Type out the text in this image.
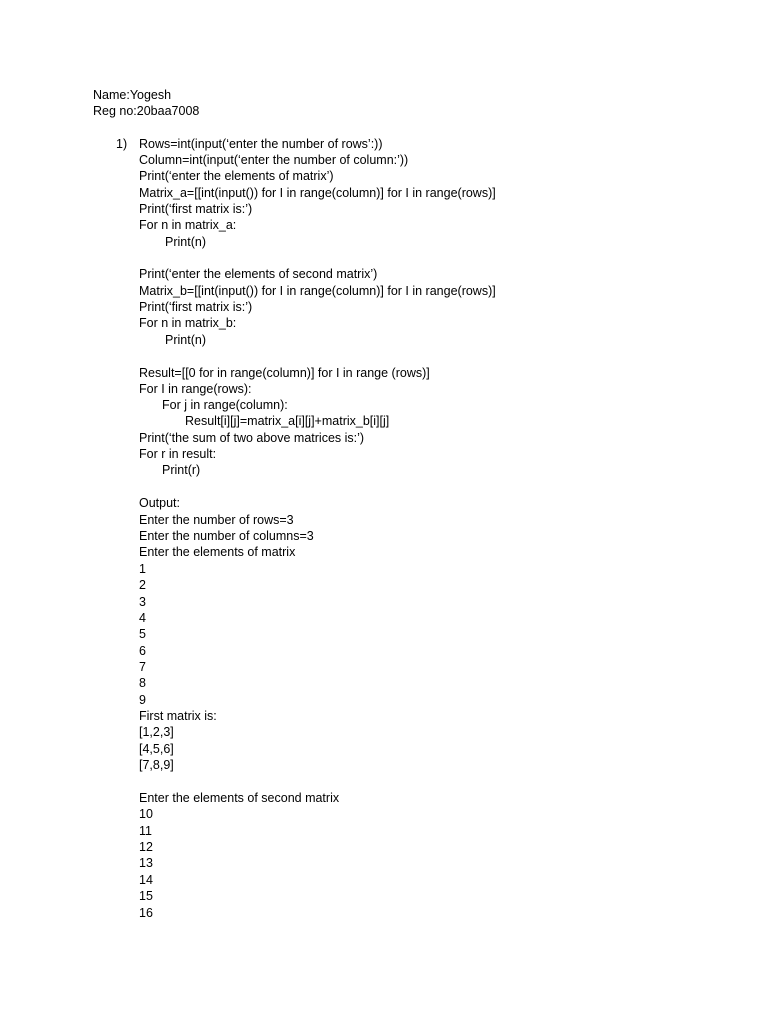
Name:Yogesh
Reg no:20baa7008
1) Rows=int(input(‘enter the number of rows’:))
Column=int(input(‘enter the number of column:’))
Print(‘enter the elements of matrix’)
Matrix_a=[[int(input()) for I in range(column)] for I in range(rows)]
Print(‘first matrix is:’)
For n in matrix_a:
Print(n)
Print(‘enter the elements of second matrix’)
Matrix_b=[[int(input()) for I in range(column)] for I in range(rows)]
Print(‘first matrix is:’)
For n in matrix_b:
Print(n)
Result=[[0 for in range(column)] for I in range (rows)]
For I in range(rows):
For j in range(column):
Result[i][j]=matrix_a[i][j]+matrix_b[i][j]
Print(‘the sum of two above matrices is:’)
For r in result:
Print(r)
Output:
Enter the number of rows=3
Enter the number of columns=3
Enter the elements of matrix
1
2
3
4
5
6
7
8
9
First matrix is:
[1,2,3]
[4,5,6]
[7,8,9]
Enter the elements of second matrix
10
11
12
13
14
15
16
